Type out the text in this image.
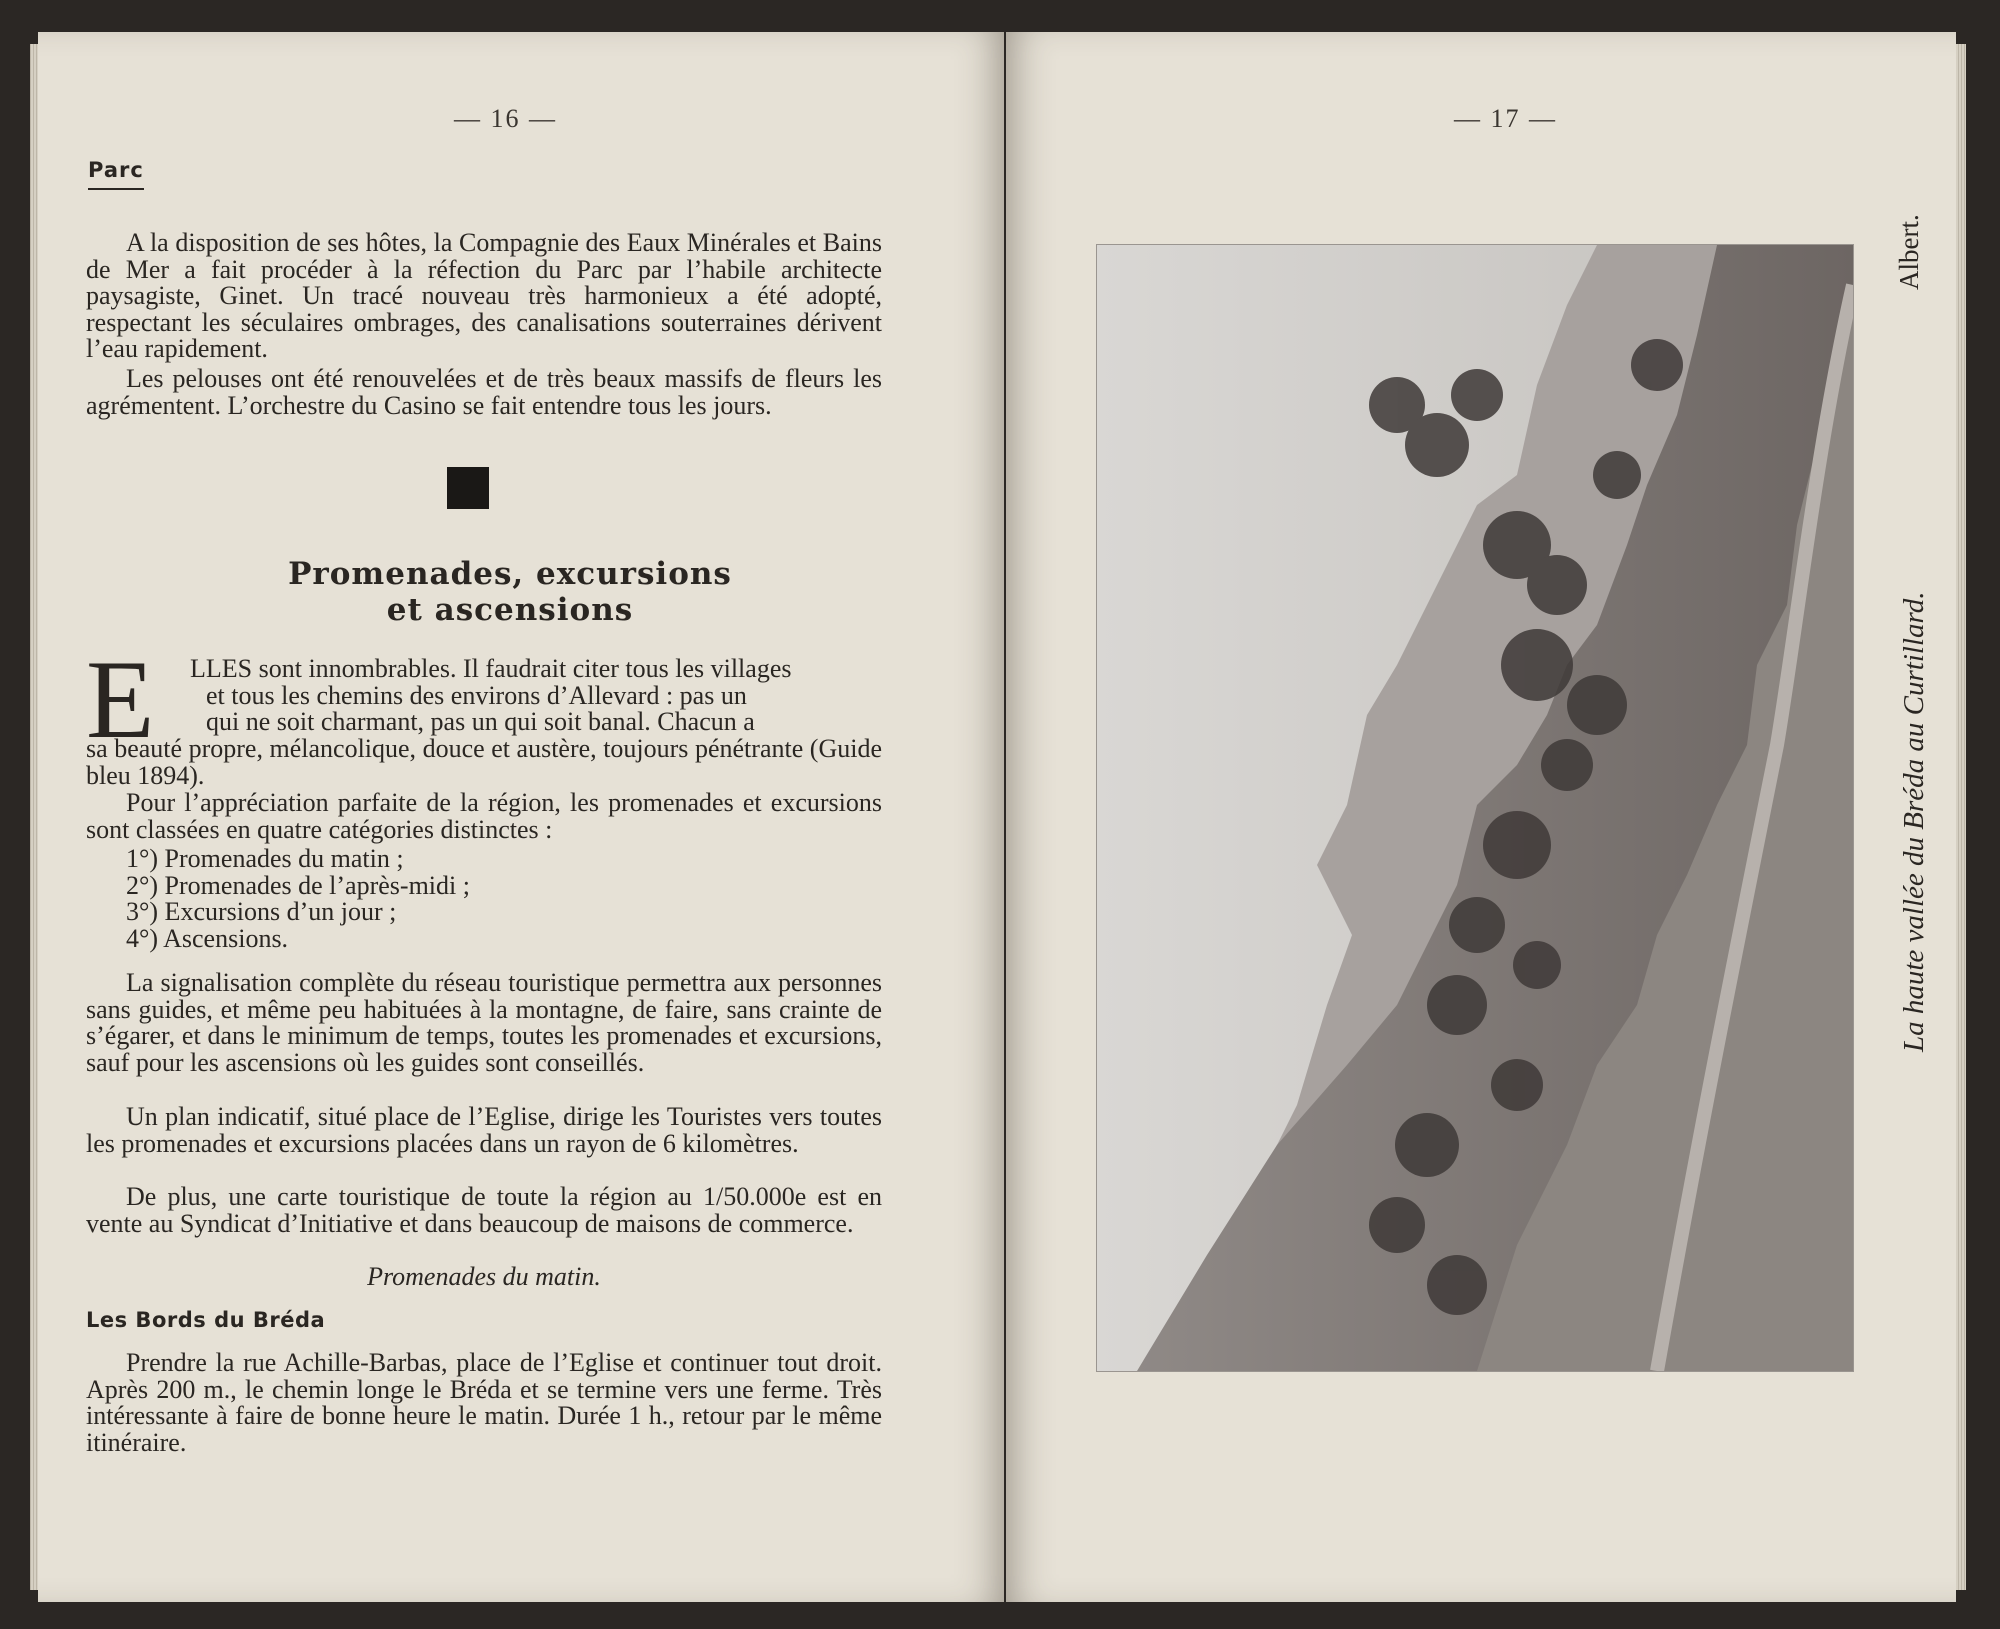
— 16 —
Parc
A la disposition de ses hôtes, la Compagnie des Eaux Minérales et Bains de Mer a fait procéder à la réfection du Parc par l’habile architecte paysagiste, Ginet. Un tracé nouveau très harmonieux a été adopté, respectant les séculaires ombrages, des canalisations souterraines dérivent l’eau rapidement.
Les pelouses ont été renouvelées et de très beaux massifs de fleurs les agrémentent. L’orchestre du Casino se fait entendre tous les jours.
Promenades, excursions
et ascensions
E LLES sont innombrables. Il faudrait citer tous les villages
et tous les chemins des environs d’Allevard : pas un
qui ne soit charmant, pas un qui soit banal. Chacun a
sa beauté propre, mélancolique, douce et austère, toujours pénétrante (Guide bleu 1894).
Pour l’appréciation parfaite de la région, les promenades et excursions sont classées en quatre catégories distinctes :
1°) Promenades du matin ;
2°) Promenades de l’après-midi ;
3°) Excursions d’un jour ;
4°) Ascensions.
La signalisation complète du réseau touristique permettra aux personnes sans guides, et même peu habituées à la montagne, de faire, sans crainte de s’égarer, et dans le minimum de temps, toutes les promenades et excursions, sauf pour les ascensions où les guides sont conseillés.
Un plan indicatif, situé place de l’Eglise, dirige les Touristes vers toutes les promenades et excursions placées dans un rayon de 6 kilomètres.
De plus, une carte touristique de toute la région au 1/50.000e est en vente au Syndicat d’Initiative et dans beaucoup de maisons de commerce.
Promenades du matin.
Les Bords du Bréda
Prendre la rue Achille-Barbas, place de l’Eglise et continuer tout droit. Après 200 m., le chemin longe le Bréda et se termine vers une ferme. Très intéressante à faire de bonne heure le matin. Durée 1 h., retour par le même itinéraire.
— 17 —
La haute vallée du Bréda au Curtillard.
Albert.
